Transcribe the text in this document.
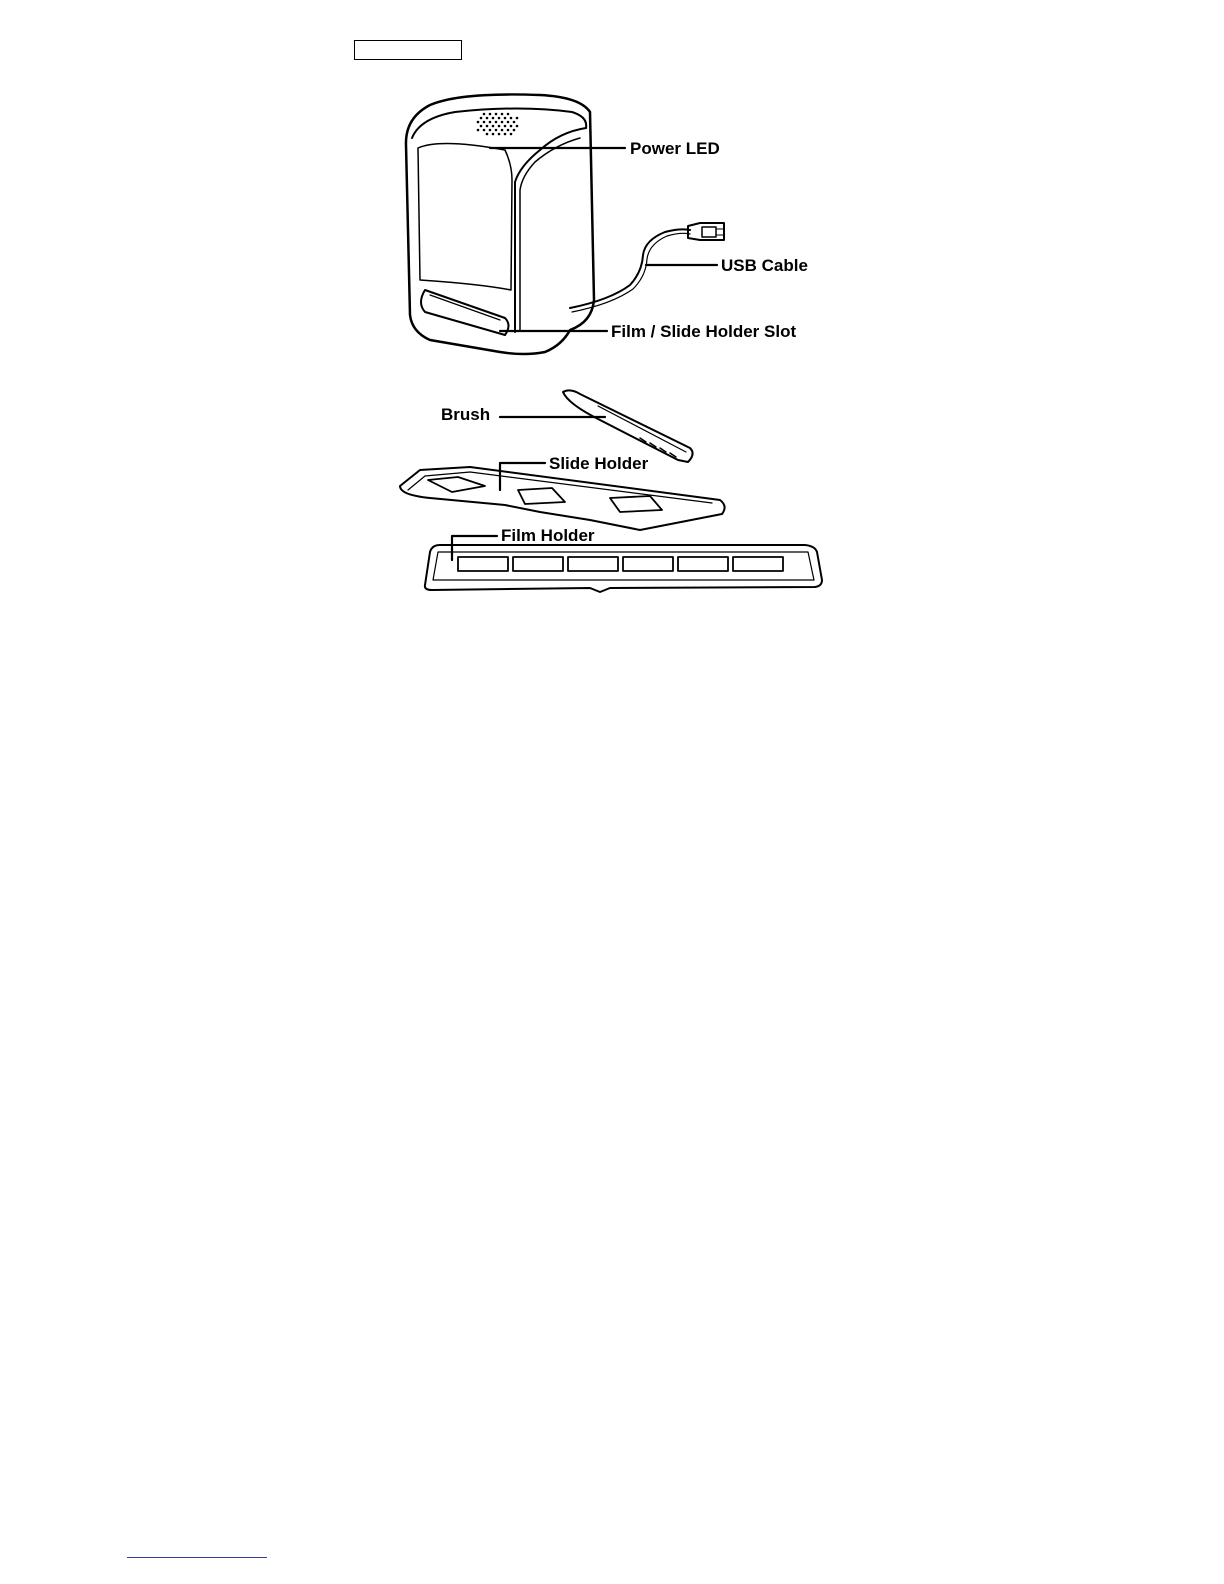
Power LED
USB Cable
Film / Slide Holder Slot
Brush
Slide Holder
Film Holder
